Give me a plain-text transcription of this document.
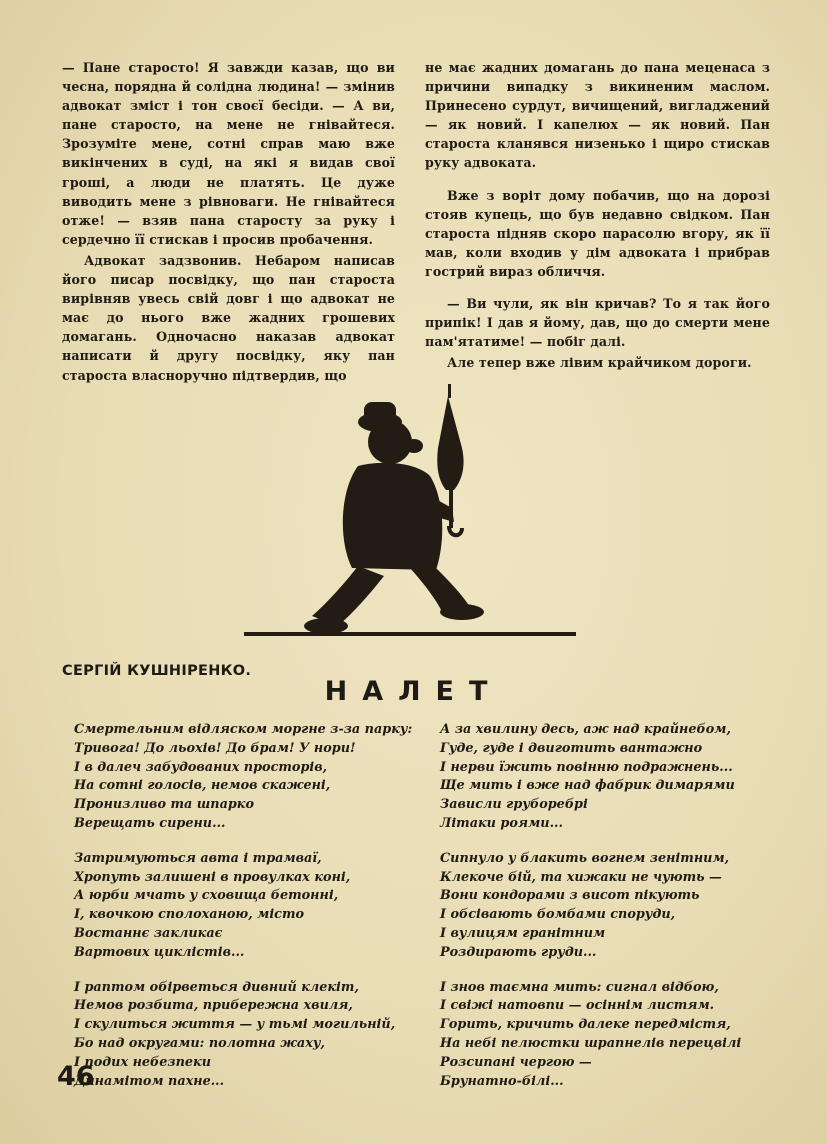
— Пане старосто! Я завжди казав, що ви чесна, порядна й солідна людина! — змінив адвокат зміст і тон своєї бесіди. — А ви, пане старосто, на мене не гнівайтеся. Зрозуміте мене, сотні справ маю вже викінчених в суді, на які я видав свої гроші, а люди не платять. Це дуже виводить мене з рівноваги. Не гнівайтеся отже! — взяв пана старосту за руку і сердечно її стискав і просив пробачення.

Адвокат задзвонив. Небаром написав його писар посвідку, що пан староста вирівняв увесь свій довг і що адвокат не має до нього вже жадних грошевих домагань. Одночасно наказав адвокат написати й другу посвідку, яку пан староста власноручно підтвердив, що

не має жадних домагань до пана меценаса з причини випадку з викиненим маслом. Принесено сурдут, вичищений, вигладжений — як новий. І капелюх — як новий. Пан староста кланявся низенько і щиро стискав руку адвоката.

Вже з воріт дому побачив, що на дорозі стояв купець, що був недавно свідком. Пан староста підняв скоро парасолю вгору, як її мав, коли входив у дім адвоката і прибрав гострий вираз обличчя.

— Ви чули, як він кричав? То я так його припік! І дав я йому, дав, що до смерти мене пам'ятатиме! — побіг далі.

Але тепер вже лівим крайчиком дороги.

СЕРГІЙ КУШНІРЕНКО.
НАЛЕТ
Смертельним відляском моргне з-за парку:
Тривога! До льохів! До брам! У нори!
І в далеч забудованих просторів,
На сотні голосів, немов скажені,
Пронизливо та шпарко
Верещать сирени...
Затримуються авта і трамваї,
Хропуть залишені в провулках коні,
А юрби мчать у сховища бетонні,
І, квочкою сполоханою, місто
Востаннє закликає
Вартових циклістів...
І раптом обірветься дивний клекіт,
Немов розбита, прибережна хвиля,
І скулиться життя — у тьмі могильній,
Бо над округами: полотна жаху,
І подих небезпеки
Динамітом пахне...
А за хвилину десь, аж над крайнебом,
Гуде, гуде і двиготить вантажно
І нерви їжить повінню подражнень...
Ще мить і вже над фабрик димарями
Зависли груборебрі
Літаки роями...
Сипнуло у блакить вогнем зенітним,
Клекоче бій, та хижаки не чують —
Вони кондорами з висот пікують
І обсівають бомбами споруди,
І вулицям гранітним
Роздирають груди...
І знов таємна мить: сигнал відбою,
І свіжі натовпи — осіннім листям.
Горить, кричить далеке передмістя,
На небі пелюстки шрапнелів перецвілі
Розсипані чергою —
Брунатно-білі...
46
